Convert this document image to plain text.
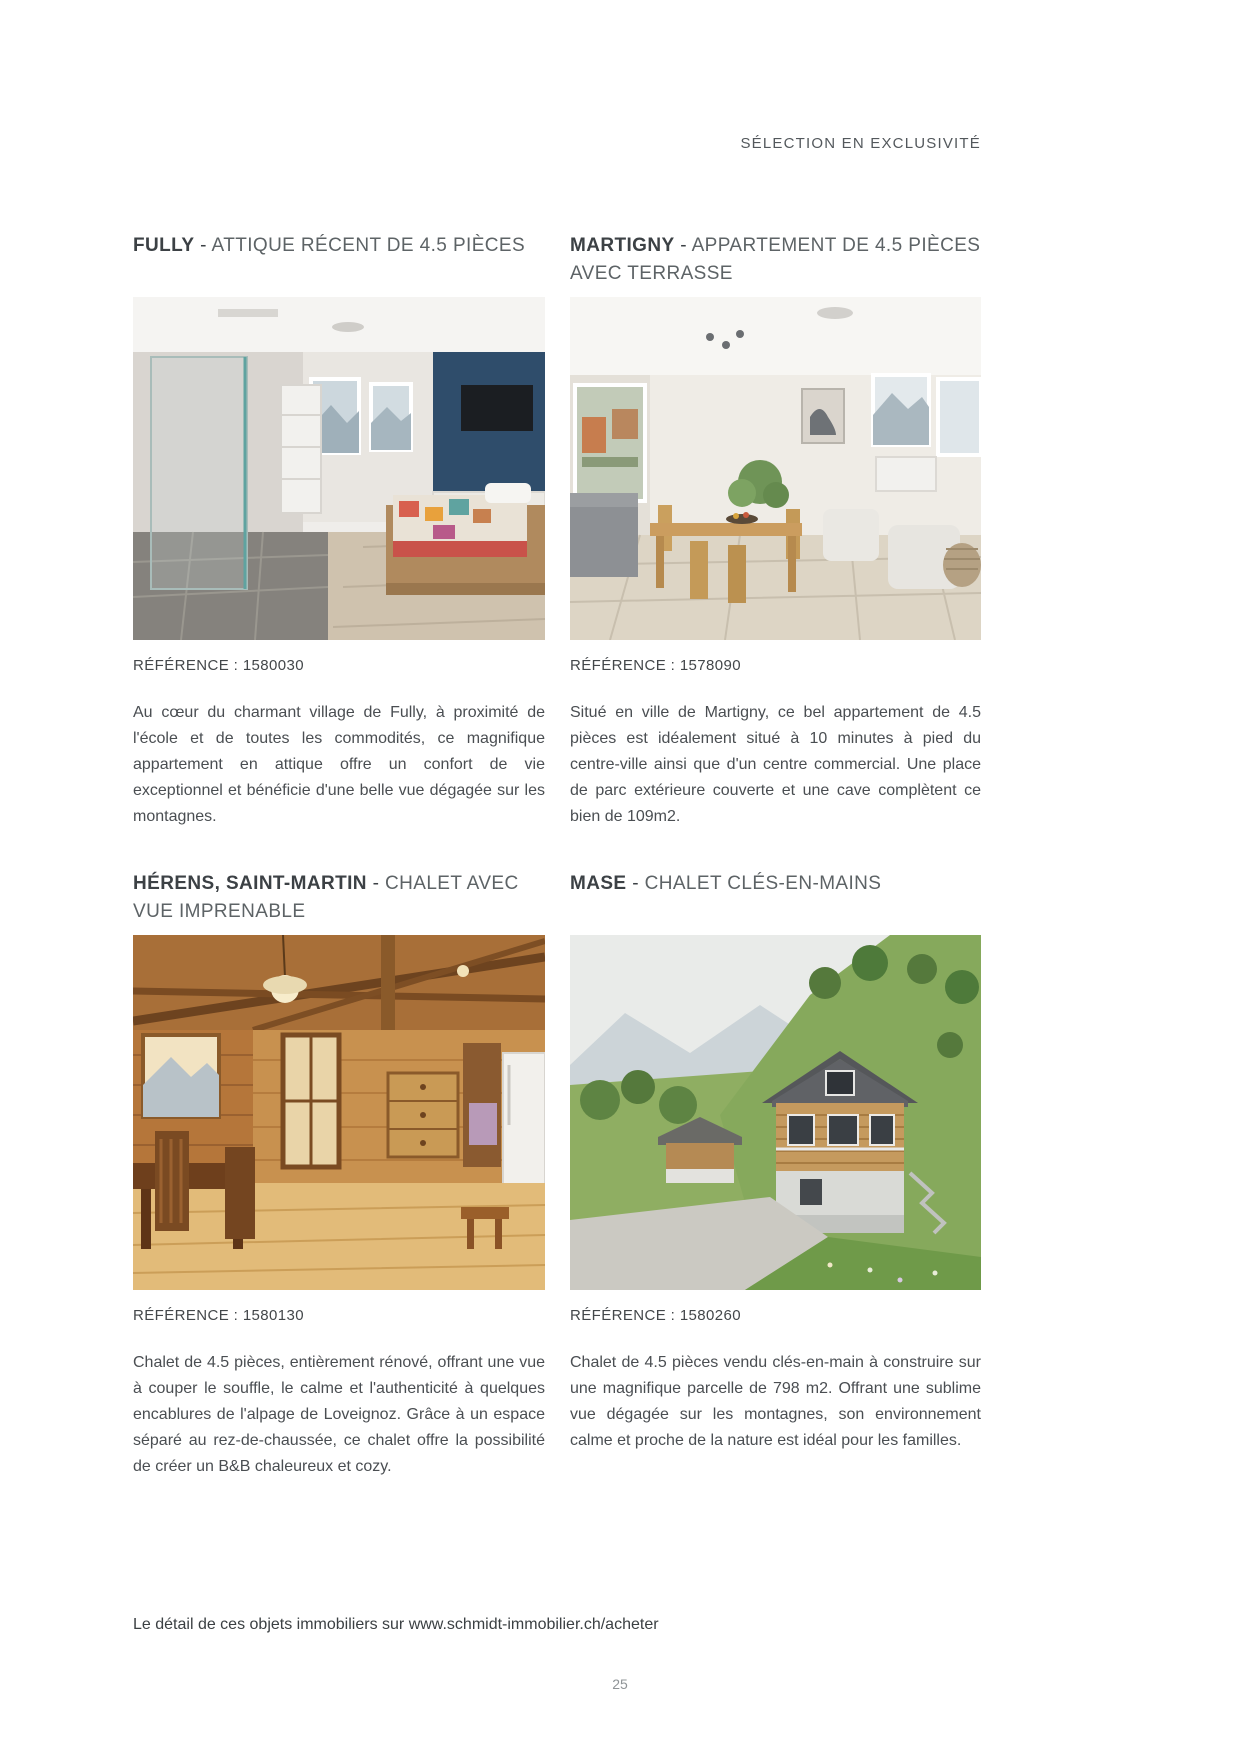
SÉLECTION EN EXCLUSIVITÉ
FULLY - ATTIQUE RÉCENT DE 4.5 PIÈCES
RÉFÉRENCE : 1580030
Au cœur du charmant village de Fully, à proximité de l'école et de toutes les commodités, ce magnifique appartement en attique offre un confort de vie exceptionnel et bénéficie d'une belle vue dégagée sur les montagnes.
MARTIGNY - APPARTEMENT DE 4.5 PIÈCES AVEC TERRASSE
RÉFÉRENCE : 1578090
Situé en ville de Martigny, ce bel appartement de 4.5 pièces est idéalement situé à 10 minutes à pied du centre-ville ainsi que d'un centre commercial. Une place de parc extérieure couverte et une cave complètent ce bien de 109m2.
HÉRENS, SAINT-MARTIN - CHALET AVEC VUE IMPRENABLE
RÉFÉRENCE : 1580130
Chalet de 4.5 pièces, entièrement rénové, offrant une vue à couper le souffle, le calme et l'authenticité à quelques encablures de l'alpage de Loveignoz. Grâce à un espace séparé au rez-de-chaussée, ce chalet offre la possibilité de créer un B&B chaleureux et cozy.
MASE - CHALET CLÉS-EN-MAINS
RÉFÉRENCE : 1580260
Chalet de 4.5 pièces vendu clés-en-main à construire sur une magnifique parcelle de 798 m2. Offrant une sublime vue dégagée sur les montagnes, son environnement calme et proche de la nature est idéal pour les familles.
Le détail de ces objets immobiliers sur www.schmidt-immobilier.ch/acheter
25
